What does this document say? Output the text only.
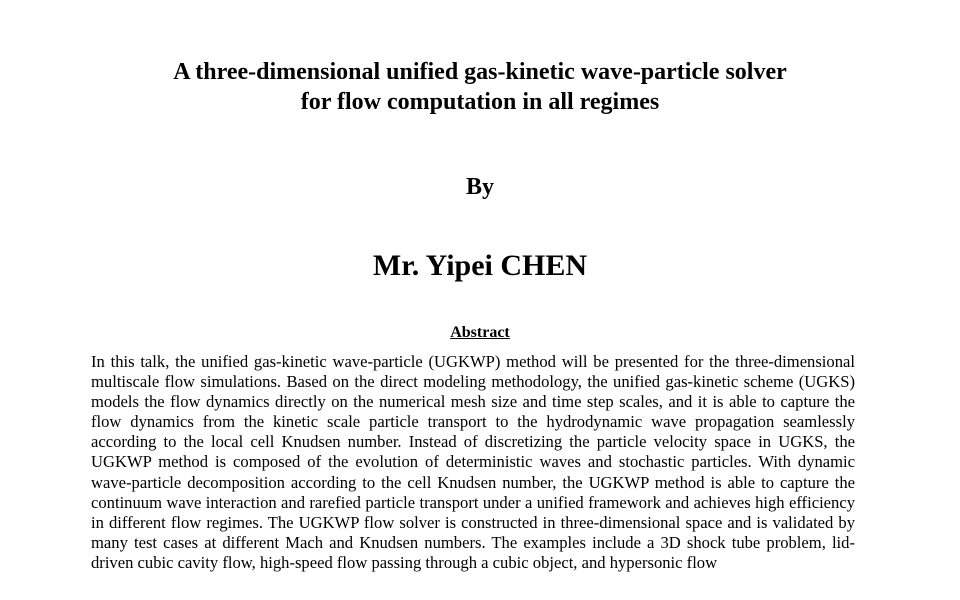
A three-dimensional unified gas-kinetic wave-particle solver
for flow computation in all regimes
By
Mr. Yipei CHEN
Abstract

In this talk, the unified gas-kinetic wave-particle (UGKWP) method will be presented for the three-dimensional multiscale flow simulations. Based on the direct modeling methodology, the unified gas-kinetic scheme (UGKS) models the flow dynamics directly on the numerical mesh size and time step scales, and it is able to capture the flow dynamics from the kinetic scale particle transport to the hydrodynamic wave propagation seamlessly according to the local cell Knudsen number. Instead of discretizing the particle velocity space in UGKS, the UGKWP method is composed of the evolution of deterministic waves and stochastic particles. With dynamic wave-particle decomposition according to the cell Knudsen number, the UGKWP method is able to capture the continuum wave interaction and rarefied particle transport under a unified framework and achieves high efficiency in different flow regimes. The UGKWP flow solver is constructed in three-dimensional space and is validated by many test cases at different Mach and Knudsen numbers. The examples include a 3D shock tube problem, lid-driven cubic cavity flow, high-speed flow passing through a cubic object, and hypersonic flow
